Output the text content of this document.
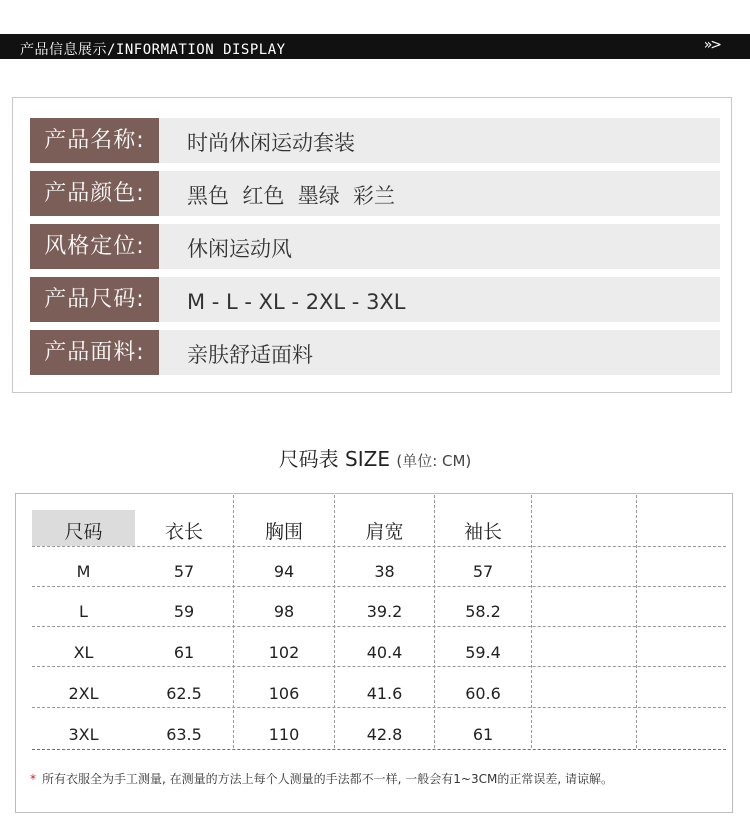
产品信息展示/INFORMATION DISPLAY	»>
产品名称:	时尚休闲运动套装
产品颜色:	黑色  红色  墨绿  彩兰
风格定位:	休闲运动风
产品尺码:	M - L - XL - 2XL - 3XL
产品面料:	亲肤舒适面料
尺码表 SIZE (单位: CM)
尺码	衣长	胸围	肩宽	袖长
M	57	94	38	57
L	59	98	39.2	58.2
XL	61	102	40.4	59.4
2XL	62.5	106	41.6	60.6
3XL	63.5	110	42.8	61
* 所有衣服全为手工测量, 在测量的方法上每个人测量的手法都不一样, 一般会有1~3CM的正常误差, 请谅解。
